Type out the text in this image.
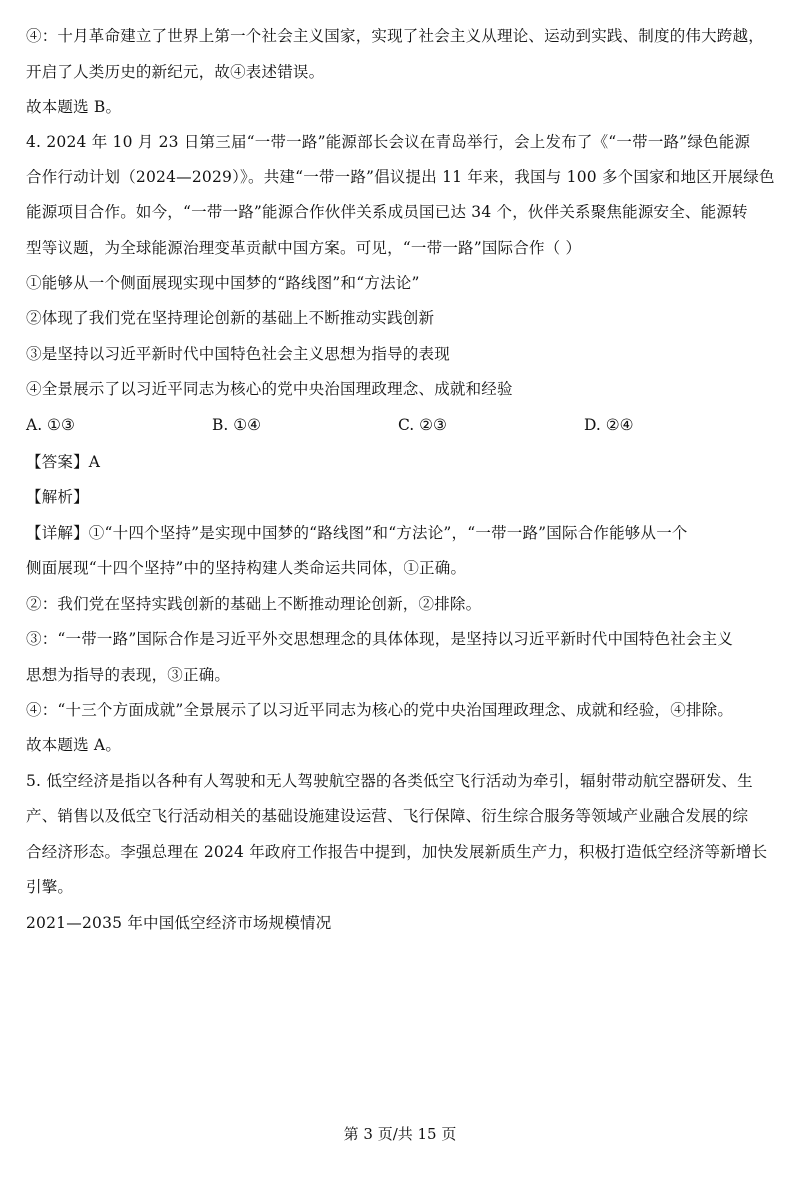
④：十月革命建立了世界上第一个社会主义国家，实现了社会主义从理论、运动到实践、制度的伟大跨越，
开启了人类历史的新纪元，故④表述错误。
故本题选 B。
4. 2024 年 10 月 23 日第三届“一带一路”能源部长会议在青岛举行，会上发布了《“一带一路”绿色能源
合作行动计划（2024—2029）》。共建“一带一路”倡议提出 11 年来，我国与 100 多个国家和地区开展绿色
能源项目合作。如今，“一带一路”能源合作伙伴关系成员国已达 34 个，伙伴关系聚焦能源安全、能源转
型等议题，为全球能源治理变革贡献中国方案。可见，“一带一路”国际合作（ ）
①能够从一个侧面展现实现中国梦的“路线图”和“方法论”
②体现了我们党在坚持理论创新的基础上不断推动实践创新
③是坚持以习近平新时代中国特色社会主义思想为指导的表现
④全景展示了以习近平同志为核心的党中央治国理政理念、成就和经验
A. ①③	B. ①④	C. ②③	D. ②④
【答案】A
【解析】
【详解】①“十四个坚持”是实现中国梦的“路线图”和“方法论”，“一带一路”国际合作能够从一个
侧面展现“十四个坚持”中的坚持构建人类命运共同体，①正确。
②：我们党在坚持实践创新的基础上不断推动理论创新，②排除。
③：“一带一路”国际合作是习近平外交思想理念的具体体现，是坚持以习近平新时代中国特色社会主义
思想为指导的表现，③正确。
④：“十三个方面成就”全景展示了以习近平同志为核心的党中央治国理政理念、成就和经验，④排除。
故本题选 A。
5. 低空经济是指以各种有人驾驶和无人驾驶航空器的各类低空飞行活动为牵引，辐射带动航空器研发、生
产、销售以及低空飞行活动相关的基础设施建设运营、飞行保障、衍生综合服务等领域产业融合发展的综
合经济形态。李强总理在 2024 年政府工作报告中提到，加快发展新质生产力，积极打造低空经济等新增长
引擎。
2021—2035 年中国低空经济市场规模情况
第 3 页/共 15 页
